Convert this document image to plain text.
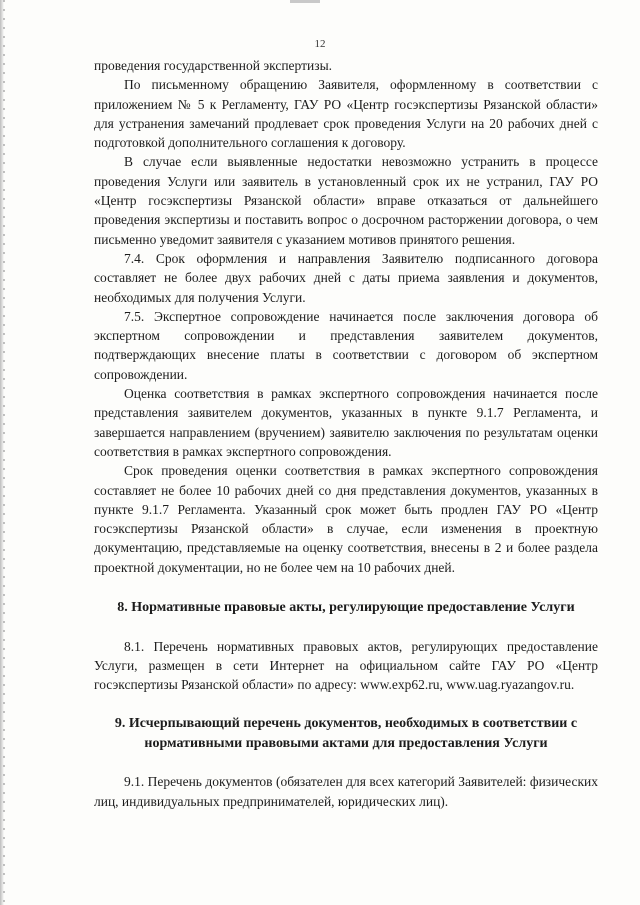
12

проведения государственной экспертизы.

По письменному обращению Заявителя, оформленному в соответствии с приложением № 5 к Регламенту, ГАУ РО «Центр госэкспертизы Рязанской области» для устранения замечаний продлевает срок проведения Услуги на 20 рабочих дней с подготовкой дополнительного соглашения к договору.

В случае если выявленные недостатки невозможно устранить в процессе проведения Услуги или заявитель в установленный срок их не устранил, ГАУ РО «Центр госэкспертизы Рязанской области» вправе отказаться от дальнейшего проведения экспертизы и поставить вопрос о досрочном расторжении договора, о чем письменно уведомит заявителя с указанием мотивов принятого решения.

7.4. Срок оформления и направления Заявителю подписанного договора составляет не более двух рабочих дней с даты приема заявления и документов, необходимых для получения Услуги.

7.5. Экспертное сопровождение начинается после заключения договора об экспертном сопровождении и представления заявителем документов, подтверждающих внесение платы в соответствии с договором об экспертном сопровождении.

Оценка соответствия в рамках экспертного сопровождения начинается после представления заявителем документов, указанных в пункте 9.1.7 Регламента, и завершается направлением (вручением) заявителю заключения по результатам оценки соответствия в рамках экспертного сопровождения.

Срок проведения оценки соответствия в рамках экспертного сопровождения составляет не более 10 рабочих дней со дня представления документов, указанных в пункте 9.1.7 Регламента. Указанный срок может быть продлен ГАУ РО «Центр госэкспертизы Рязанской области» в случае, если изменения в проектную документацию, представляемые на оценку соответствия, внесены в 2 и более раздела проектной документации, но не более чем на 10 рабочих дней.

8. Нормативные правовые акты, регулирующие предоставление Услуги

8.1. Перечень нормативных правовых актов, регулирующих предоставление Услуги, размещен в сети Интернет на официальном сайте ГАУ РО «Центр госэкспертизы Рязанской области» по адресу: www.exp62.ru, www.uag.ryazangov.ru.

9. Исчерпывающий перечень документов, необходимых в соответствии с нормативными правовыми актами для предоставления Услуги

9.1. Перечень документов (обязателен для всех категорий Заявителей: физических лиц, индивидуальных предпринимателей, юридических лиц).
